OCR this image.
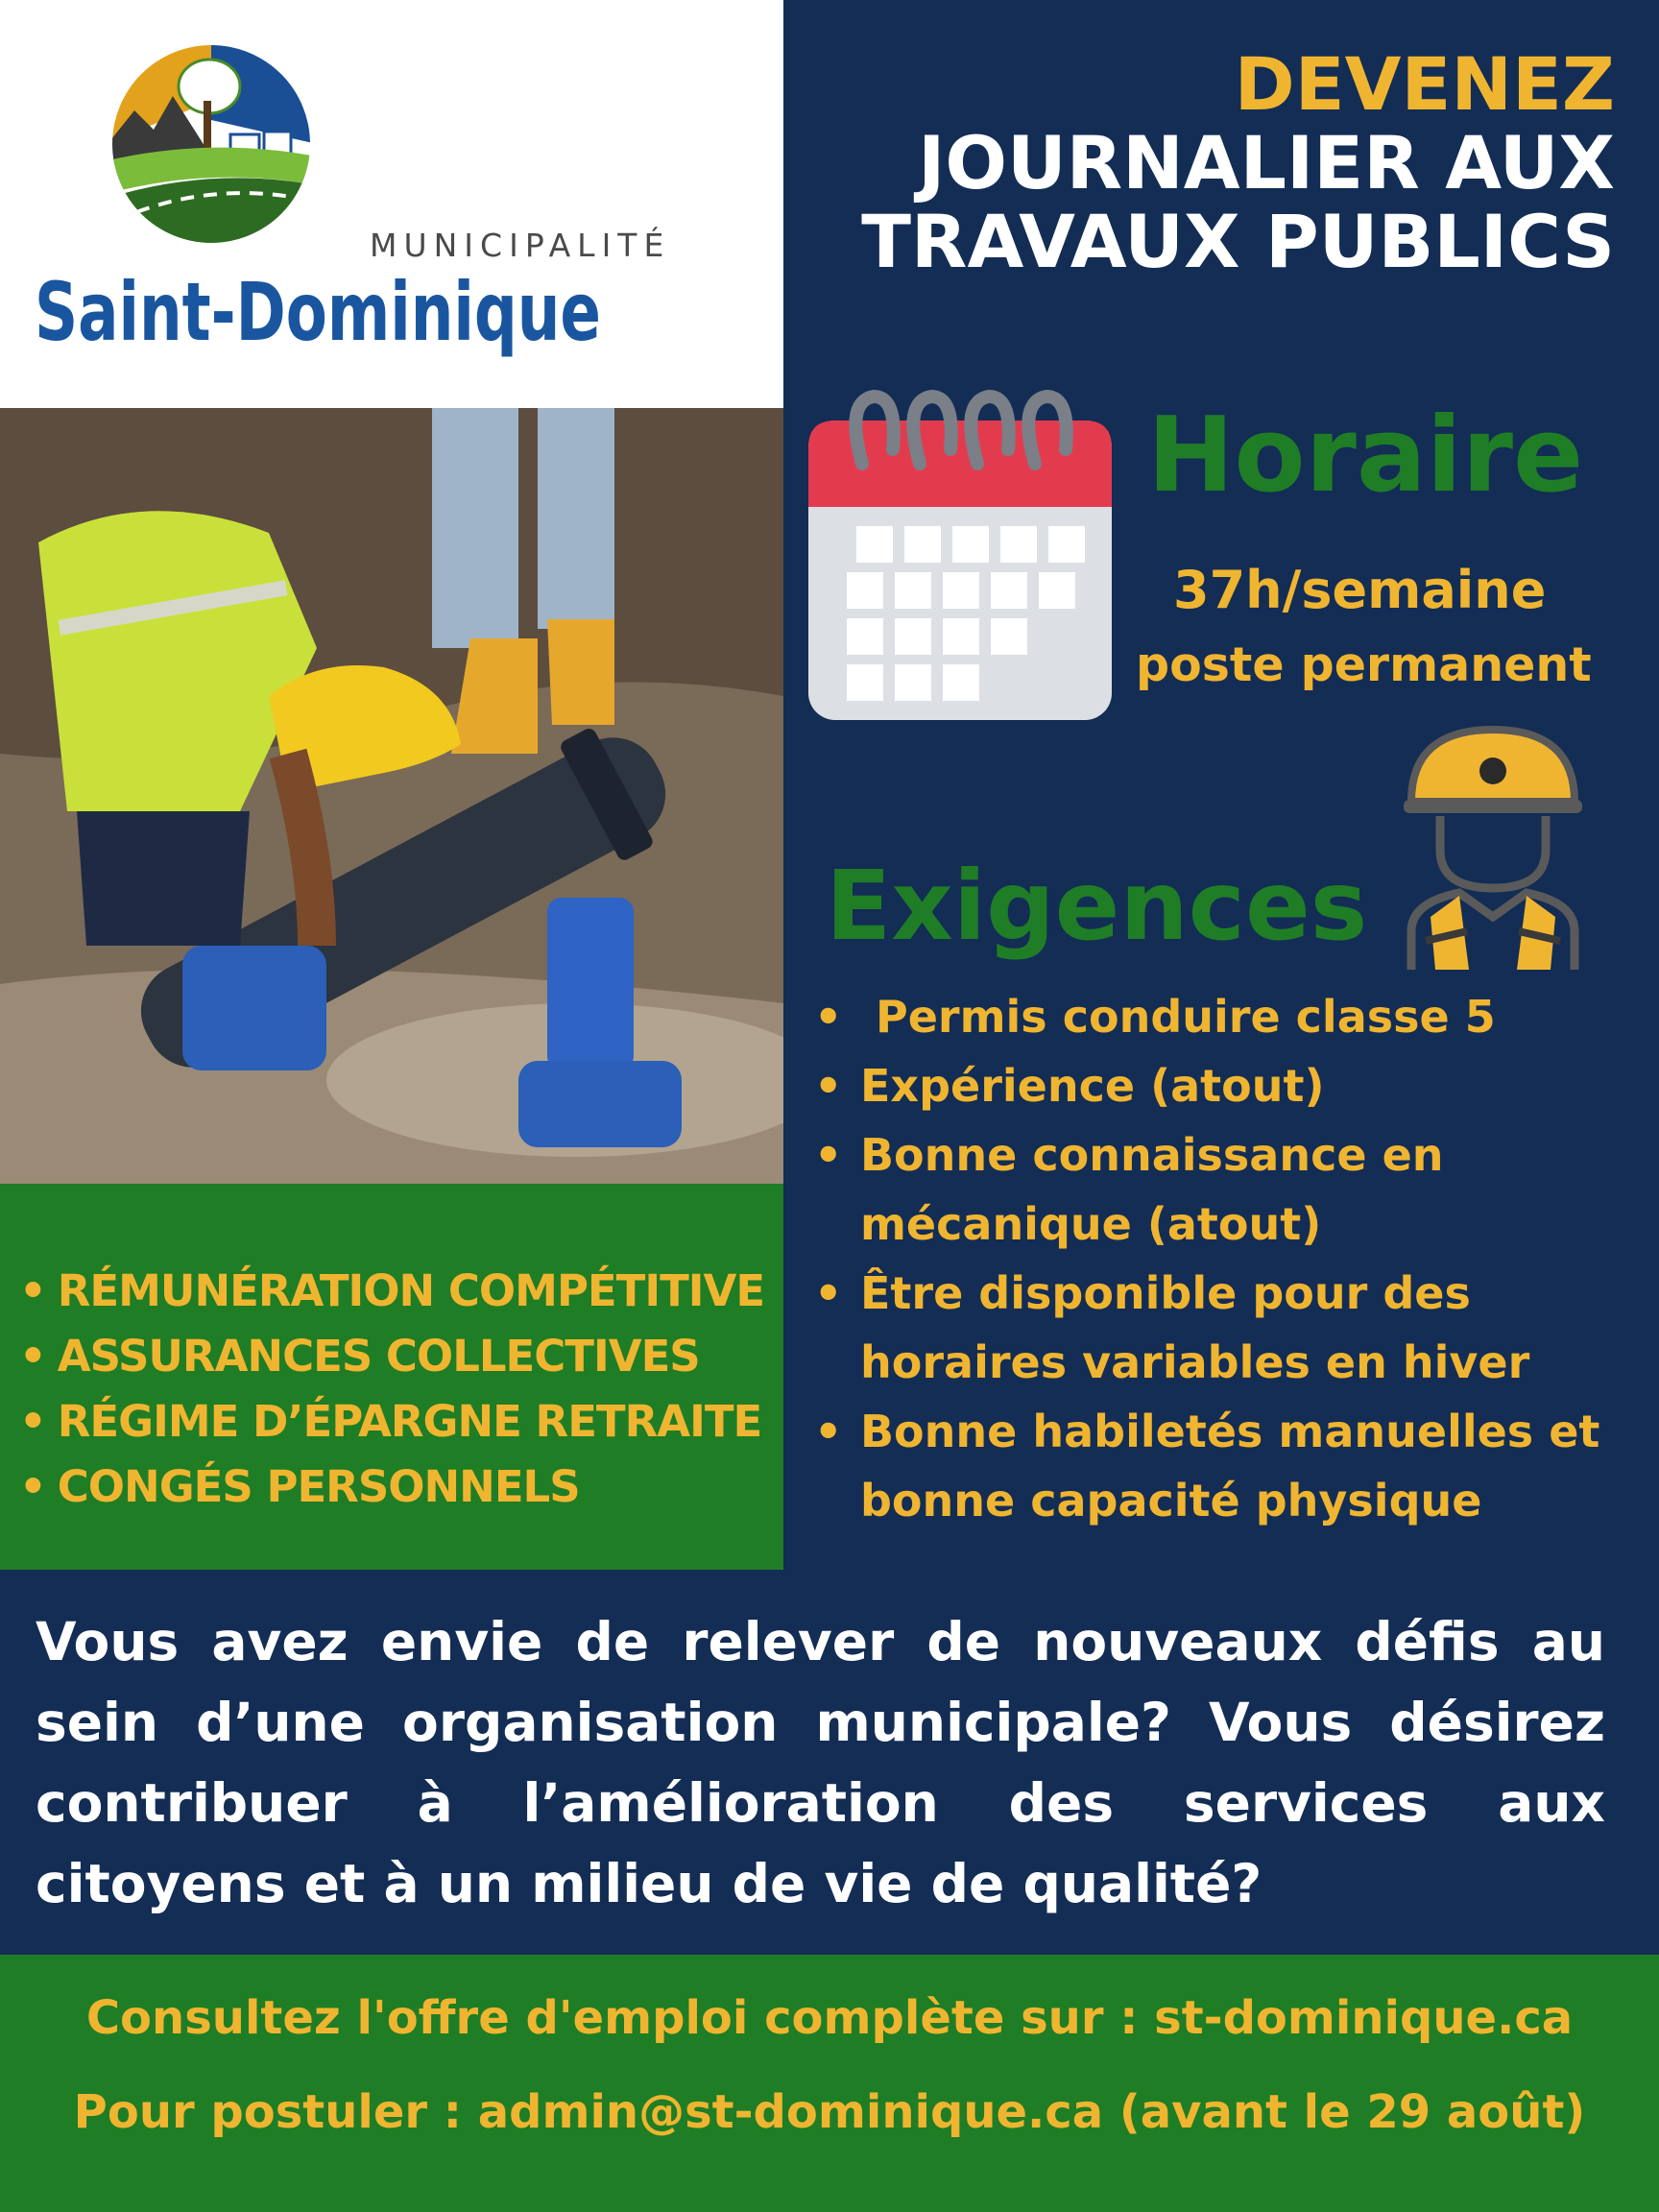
MUNICIPALITÉ
Saint-Dominique
• RÉMUNÉRATION COMPÉTITIVE
• ASSURANCES COLLECTIVES
• RÉGIME D’ÉPARGNE RETRAITE
• CONGÉS PERSONNELS
DEVENEZ
JOURNALIER AUX
TRAVAUX PUBLICS
Horaire
37h/semaine
poste permanent
Exigences
• Permis conduire classe 5
• Expérience (atout)
• Bonne connaissance en mécanique (atout)
• Être disponible pour des horaires variables en hiver
• Bonne habiletés manuelles et bonne capacité physique
Vous avez envie de relever de nouveaux défis au sein d’une organisation municipale? Vous désirez contribuer à l’amélioration des services aux citoyens et à un milieu de vie de qualité?
Consultez l'offre d'emploi complète sur : st-dominique.ca
Pour postuler : admin@st-dominique.ca (avant le 29 août)
